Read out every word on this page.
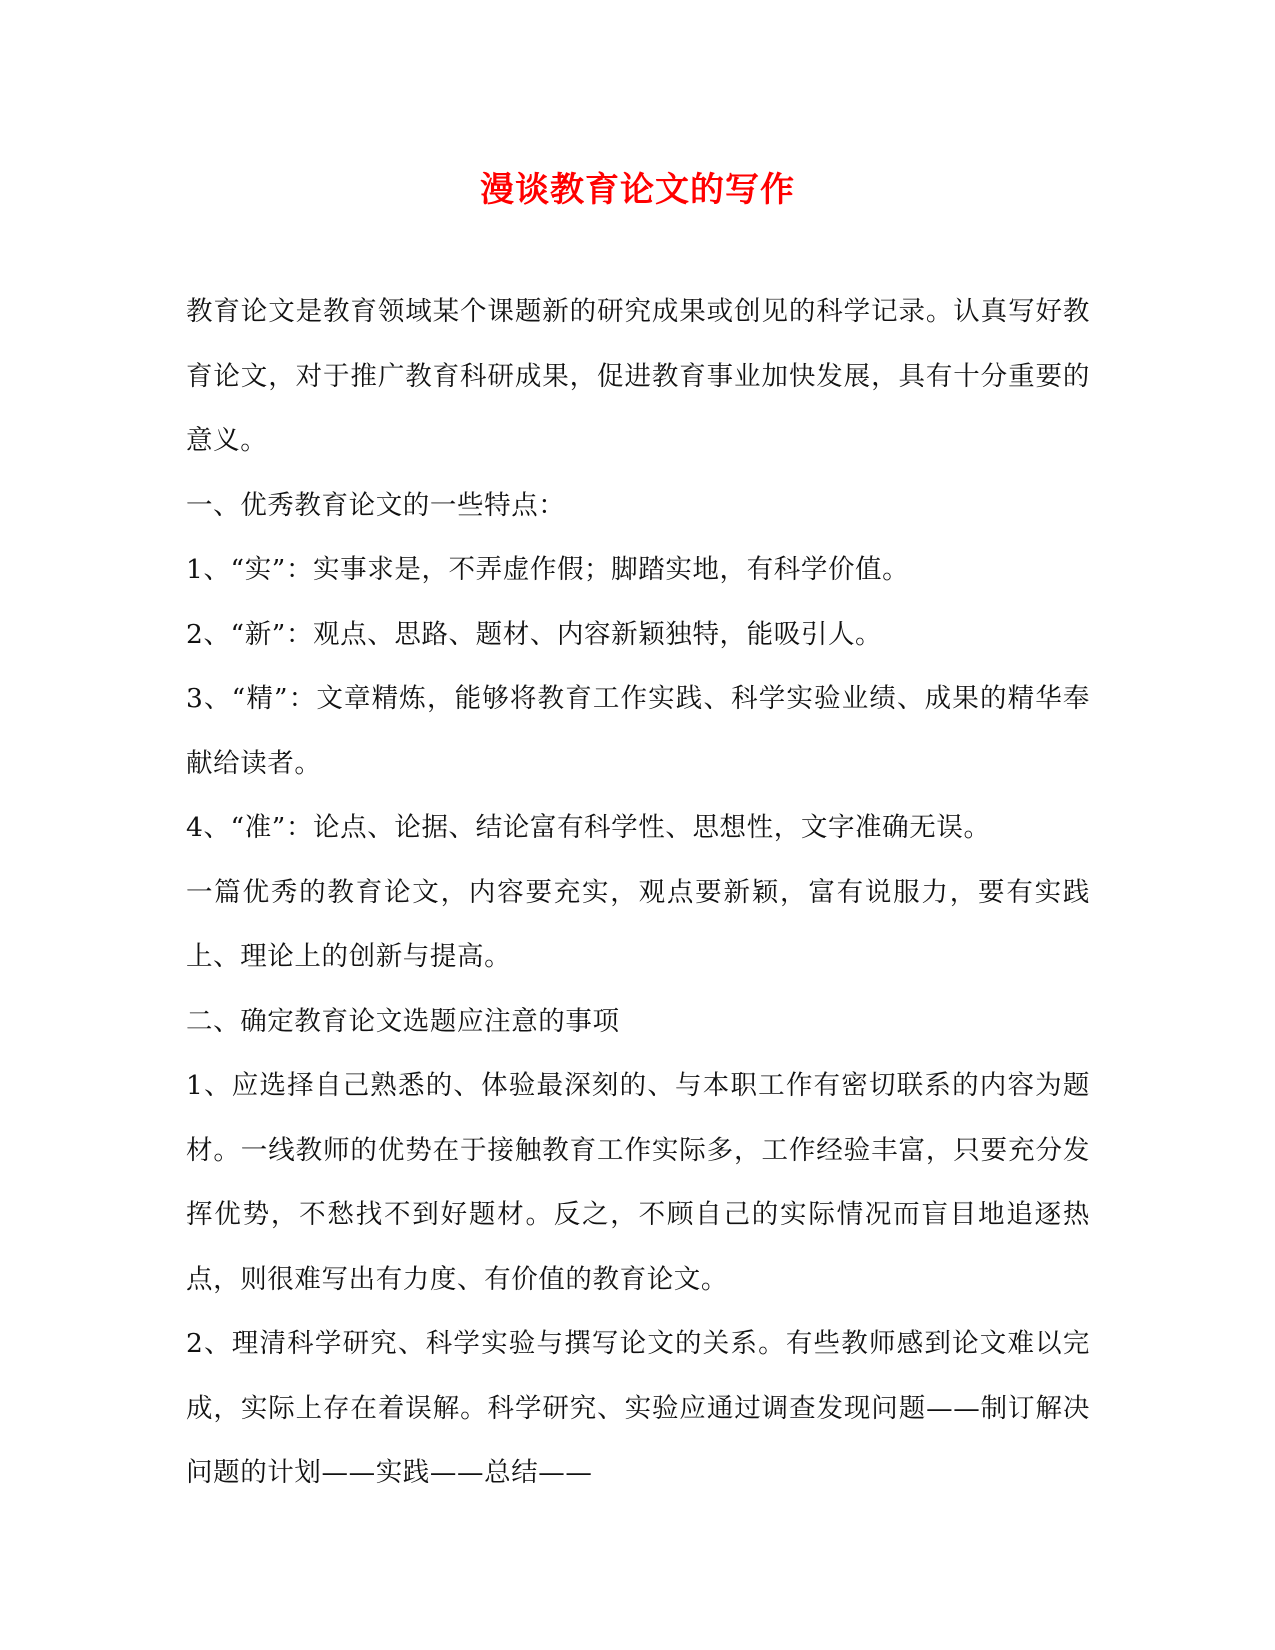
漫谈教育论文的写作

教育论文是教育领域某个课题新的研究成果或创见的科学记录。认真写好教育论文，对于推广教育科研成果，促进教育事业加快发展，具有十分重要的意义。

一、优秀教育论文的一些特点：

1、“实”：实事求是，不弄虚作假；脚踏实地，有科学价值。

2、“新”：观点、思路、题材、内容新颖独特，能吸引人。

3、“精”：文章精炼，能够将教育工作实践、科学实验业绩、成果的精华奉献给读者。

4、“准”：论点、论据、结论富有科学性、思想性，文字准确无误。

一篇优秀的教育论文，内容要充实，观点要新颖，富有说服力，要有实践上、理论上的创新与提高。

二、确定教育论文选题应注意的事项

1、应选择自己熟悉的、体验最深刻的、与本职工作有密切联系的内容为题材。一线教师的优势在于接触教育工作实际多，工作经验丰富，只要充分发挥优势，不愁找不到好题材。反之，不顾自己的实际情况而盲目地追逐热点，则很难写出有力度、有价值的教育论文。

2、理清科学研究、科学实验与撰写论文的关系。有些教师感到论文难以完成，实际上存在着误解。科学研究、实验应通过调查发现问题——制订解决问题的计划——实践——总结——
